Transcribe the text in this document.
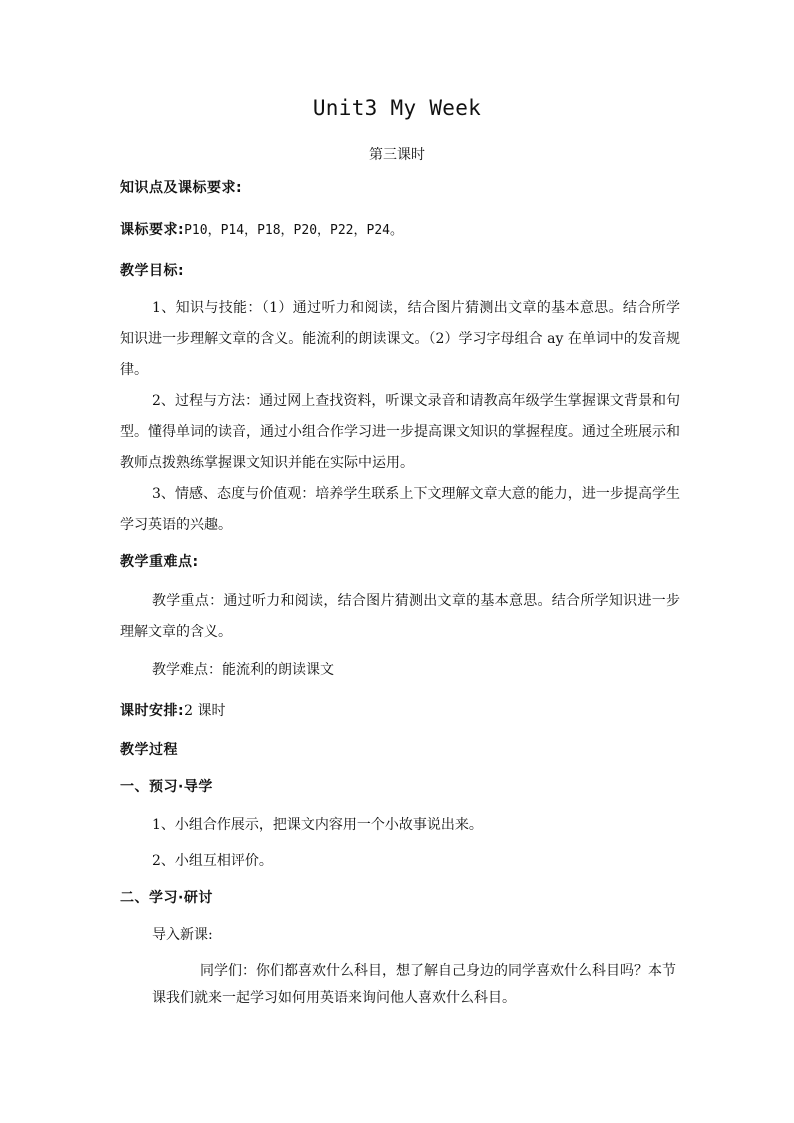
Unit3 My Week
第三课时
知识点及课标要求:
课标要求:P10，P14，P18，P20，P22，P24。
教学目标:
1、知识与技能：（1）通过听力和阅读，结合图片猜测出文章的基本意思。结合所学知识进一步理解文章的含义。能流利的朗读课文。（2）学习字母组合 ay 在单词中的发音规律。
2、过程与方法：通过网上查找资料，听课文录音和请教高年级学生掌握课文背景和句型。懂得单词的读音，通过小组合作学习进一步提高课文知识的掌握程度。通过全班展示和教师点拨熟练掌握课文知识并能在实际中运用。
3、情感、态度与价值观：培养学生联系上下文理解文章大意的能力，进一步提高学生学习英语的兴趣。
教学重难点:
教学重点：通过听力和阅读，结合图片猜测出文章的基本意思。结合所学知识进一步理解文章的含义。
教学难点：能流利的朗读课文
课时安排:2 课时
教学过程
一、预习·导学
1、小组合作展示，把课文内容用一个小故事说出来。
2、小组互相评价。
二、学习·研讨
导入新课:
同学们：你们都喜欢什么科目，想了解自己身边的同学喜欢什么科目吗？本节课我们就来一起学习如何用英语来询问他人喜欢什么科目。
